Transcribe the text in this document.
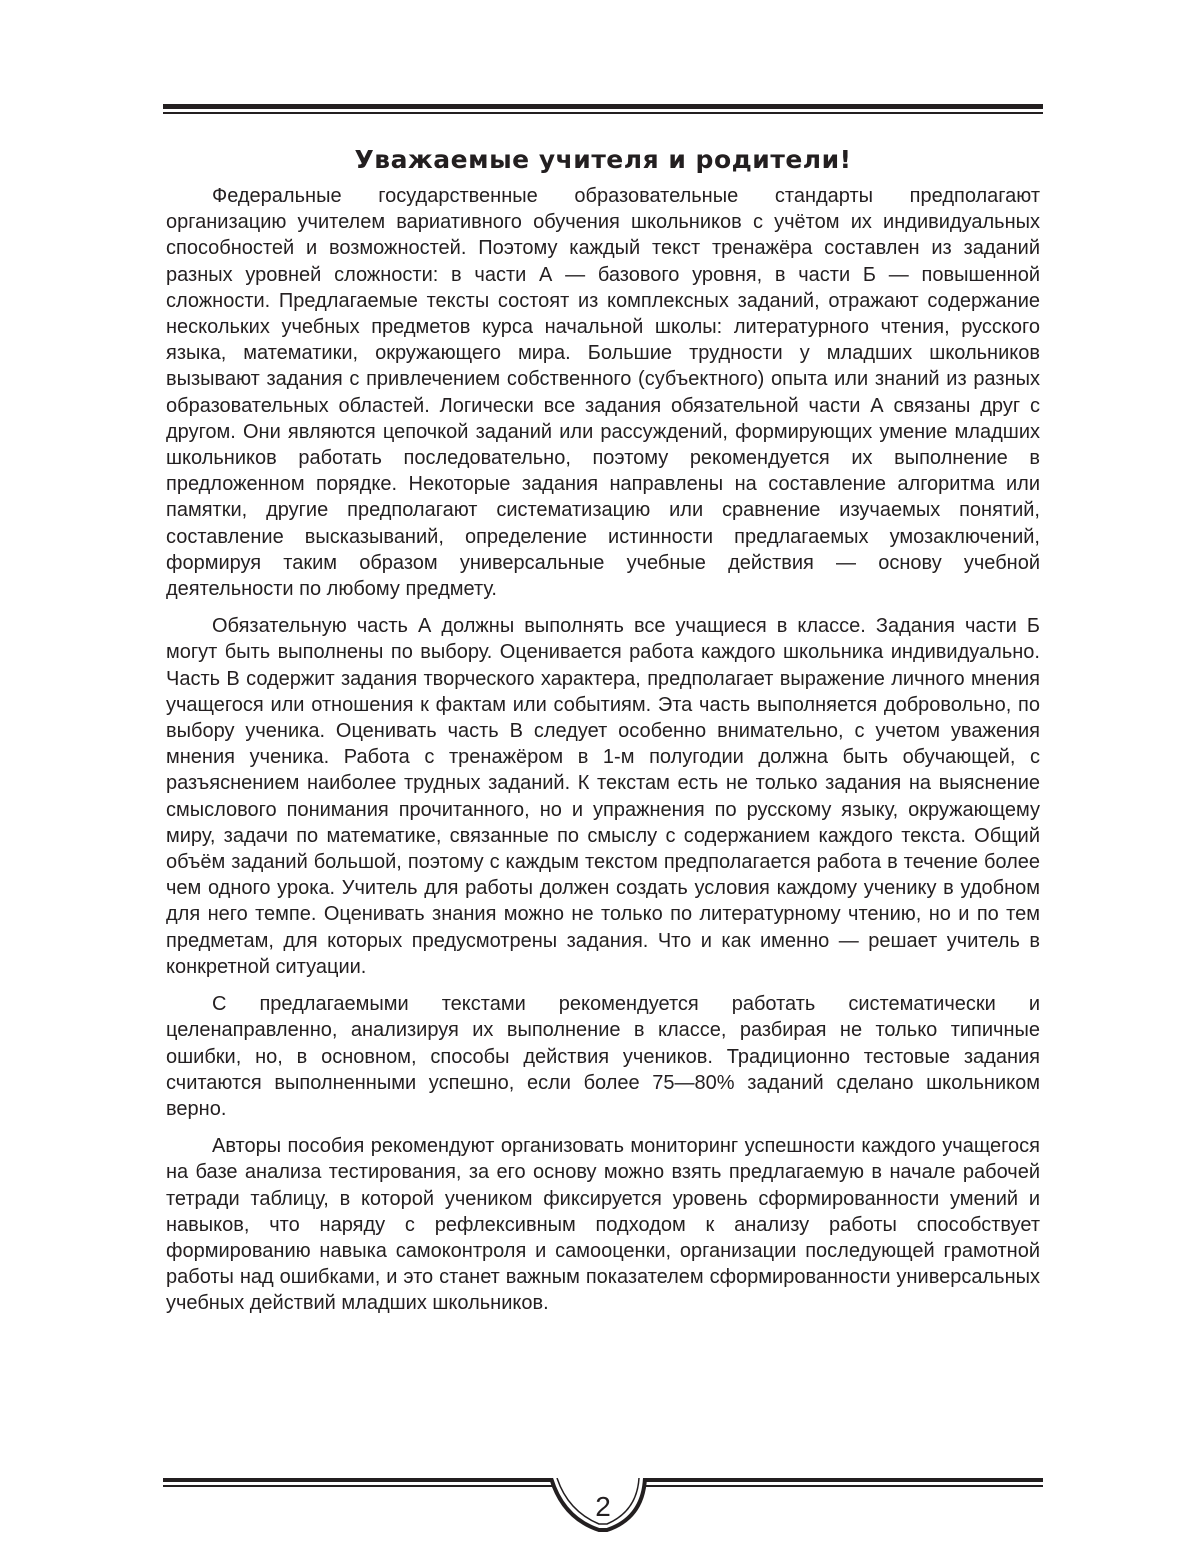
Уважаемые учителя и родители!

Федеральные государственные образовательные стандарты предполагают организацию учителем вариативного обучения школьников с учётом их индивидуальных способностей и возможностей. Поэтому каждый текст тренажёра составлен из заданий разных уровней сложности: в части А — базового уровня, в части Б — повышенной сложности. Предлагаемые тексты состоят из комплексных заданий, отражают содержание нескольких учебных предметов курса начальной школы: литературного чтения, русского языка, математики, окружающего мира. Большие трудности у младших школьников вызывают задания с привлечением собственного (субъектного) опыта или знаний из разных образовательных областей. Логически все задания обязательной части А связаны друг с другом. Они являются цепочкой заданий или рассуждений, формирующих умение младших школьников работать последовательно, поэтому рекомендуется их выполнение в предложенном порядке. Некоторые задания направлены на составление алгоритма или памятки, другие предполагают систематизацию или сравнение изучаемых понятий, составление высказываний, определение истинности предлагаемых умозаключений, формируя таким образом универсальные учебные действия — основу учебной деятельности по любому предмету.

Обязательную часть А должны выполнять все учащиеся в классе. Задания части Б могут быть выполнены по выбору. Оценивается работа каждого школьника индивидуально. Часть В содержит задания творческого характера, предполагает выражение личного мнения учащегося или отношения к фактам или событиям. Эта часть выполняется добровольно, по выбору ученика. Оценивать часть В следует особенно внимательно, с учетом уважения мнения ученика. Работа с тренажёром в 1-м полугодии должна быть обучающей, с разъяснением наиболее трудных заданий. К текстам есть не только задания на выяснение смыслового понимания прочитанного, но и упражнения по русскому языку, окружающему миру, задачи по математике, связанные по смыслу с содержанием каждого текста. Общий объём заданий большой, поэтому с каждым текстом предполагается работа в течение более чем одного урока. Учитель для работы должен создать условия каждому ученику в удобном для него темпе. Оценивать знания можно не только по литературному чтению, но и по тем предметам, для которых предусмотрены задания. Что и как именно — решает учитель в конкретной ситуации.

С предлагаемыми текстами рекомендуется работать систематически и целенаправленно, анализируя их выполнение в классе, разбирая не только типичные ошибки, но, в основном, способы действия учеников. Традиционно тестовые задания считаются выполненными успешно, если более 75—80% заданий сделано школьником верно.

Авторы пособия рекомендуют организовать мониторинг успешности каждого учащегося на базе анализа тестирования, за его основу можно взять предлагаемую в начале рабочей тетради таблицу, в которой учеником фиксируется уровень сформированности умений и навыков, что наряду с рефлексивным подходом к анализу работы способствует формированию навыка самоконтроля и самооценки, организации последующей грамотной работы над ошибками, и это станет важным показателем сформированности универсальных учебных действий младших школьников.

2
